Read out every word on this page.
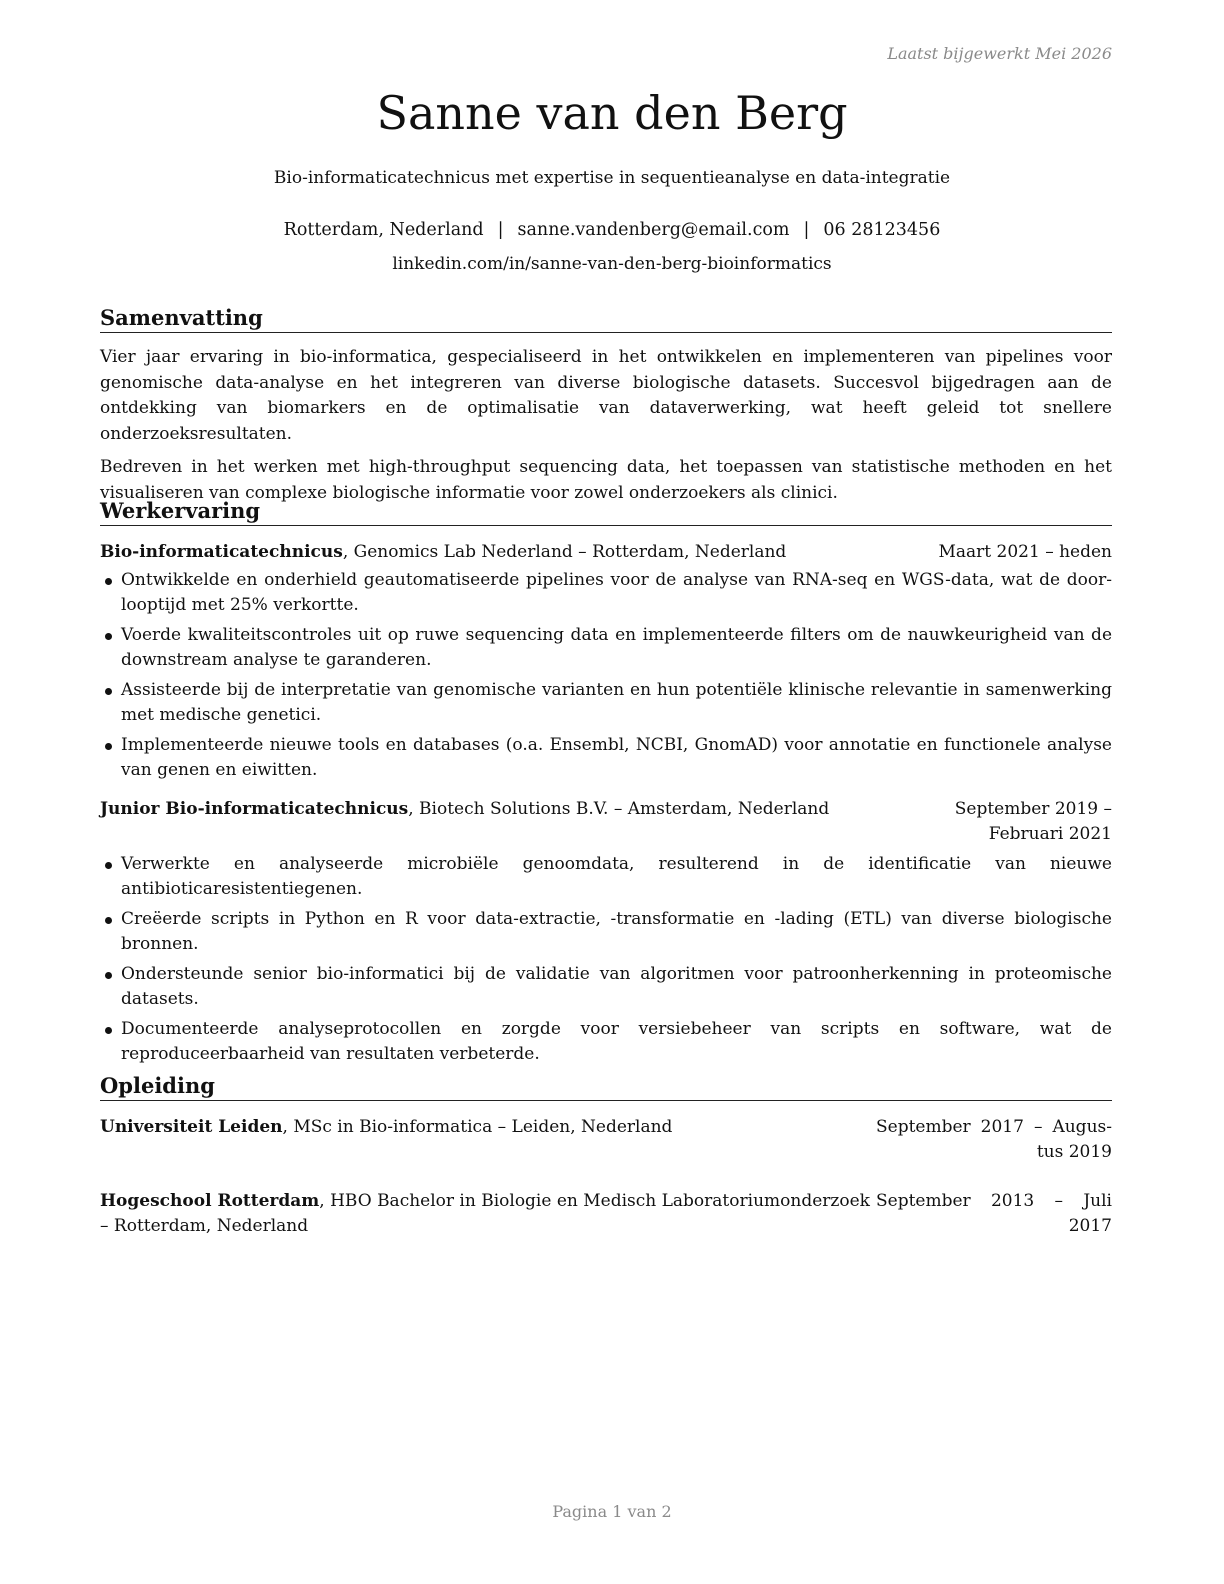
Laatst bijgewerkt Mei 2026
Sanne van den Berg
Bio-informaticatechnicus met expertise in sequentieanalyse en data-integratie
Rotterdam, Nederland | sanne.vandenberg@email.com | 06 28123456
linkedin.com/in/sanne-van-den-berg-bioinformatics
Samenvatting

Vier jaar ervaring in bio-informatica, gespecialiseerd in het ontwikkelen en implementeren van pipelines voor genomische data-analyse en het integreren van diverse biologische datasets. Succesvol bijgedragen aan de ontdekking van biomarkers en de optimalisatie van dataverwerking, wat heeft geleid tot snellere onderzoeksresultaten.

Bedreven in het werken met high-throughput sequencing data, het toepassen van statistische methoden en het visualiseren van complexe biologische informatie voor zowel onderzoekers als clinici.

Werkervaring
Bio-informaticatechnicus, Genomics Lab Nederland – Rotterdam, Nederland	Maart 2021 – heden
Ontwikkelde en onderhield geautomatiseerde pipelines voor de analyse van RNA-seq en WGS-data, wat de doorlooptijd met 25% verkortte.
Voerde kwaliteitscontroles uit op ruwe sequencing data en implementeerde filters om de nauwkeurigheid van de downstream analyse te garanderen.
Assisteerde bij de interpretatie van genomische varianten en hun potentiële klinische relevantie in samenwerking met medische genetici.
Implementeerde nieuwe tools en databases (o.a. Ensembl, NCBI, GnomAD) voor annotatie en functionele analyse van genen en eiwitten.
Junior Bio-informaticatechnicus, Biotech Solutions B.V. – Amsterdam, Nederland	September 2019 – Februari 2021
Verwerkte en analyseerde microbiële genoomdata, resulterend in de identificatie van nieuwe antibioticaresistentiegenen.
Creëerde scripts in Python en R voor data-extractie, -transformatie en -lading (ETL) van diverse biologische bronnen.
Ondersteunde senior bio-informatici bij de validatie van algoritmen voor patroonherkenning in proteomische datasets.
Documenteerde analyseprotocollen en zorgde voor versiebeheer van scripts en software, wat de reproduceerbaarheid van resultaten verbeterde.
Opleiding
Universiteit Leiden, MSc in Bio-informatica – Leiden, Nederland	September 2017 – Augustus 2019
Hogeschool Rotterdam, HBO Bachelor in Biologie en Medisch Laboratoriumonderzoek – Rotterdam, Nederland
September 2013 – Juli 2017
Pagina 1 van 2
